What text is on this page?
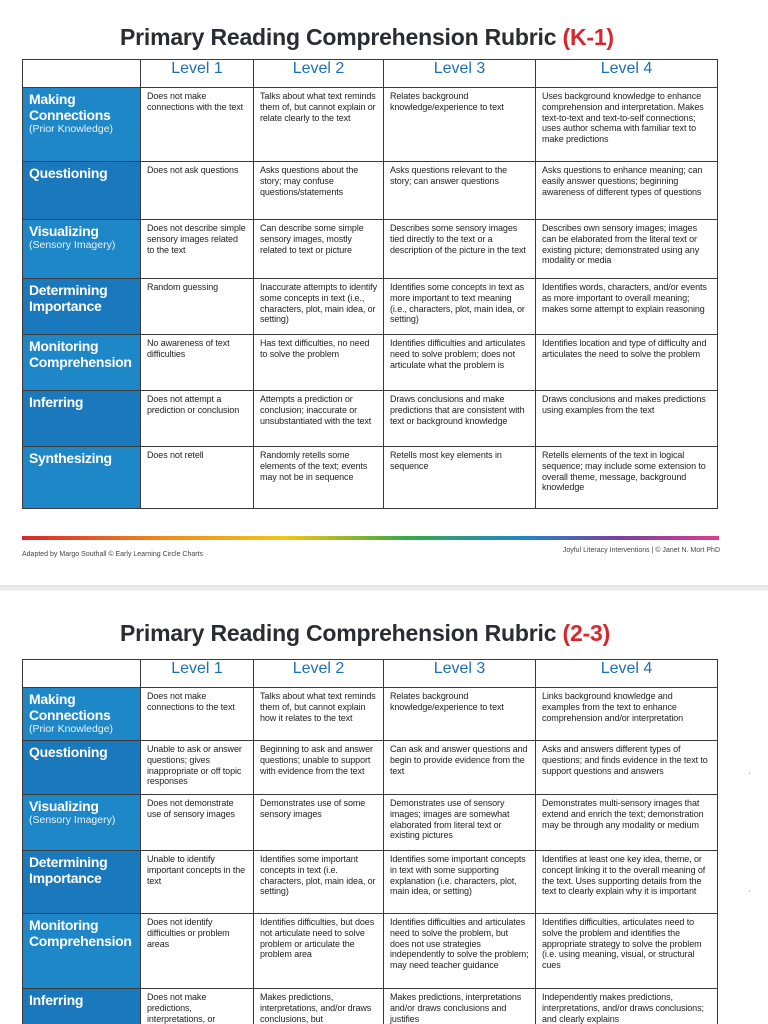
Primary Reading Comprehension Rubric (K-1)
	Level 1	Level 2	Level 3	Level 4

Making Connections
(Prior Knowledge)	Does not make connections with the text	Talks about what text reminds them of, but cannot explain or relate clearly to the text	Relates background knowledge/experience to text	Uses background knowledge to enhance comprehension and interpretation. Makes text-to-text and text-to-self connections; uses author schema with familiar text to make predictions

Questioning	Does not ask questions	Asks questions about the story; may confuse questions/statements	Asks questions relevant to the story; can answer questions	Asks questions to enhance meaning; can easily answer questions; beginning awareness of different types of questions

Visualizing
(Sensory Imagery)	Does not describe simple sensory images related to the text	Can describe some simple sensory images, mostly related to text or picture	Describes some sensory images tied directly to the text or a description of the picture in the text	Describes own sensory images; images can be elaborated from the literal text or existing picture; demonstrated using any modality or media

Determining Importance	Random guessing	Inaccurate attempts to identify some concepts in text (i.e., characters, plot, main idea, or setting)	Identifies some concepts in text as more important to text meaning (i.e., characters, plot, main idea, or setting)	Identifies words, characters, and/or events as more important to overall meaning; makes some attempt to explain reasoning

Monitoring Comprehension	No awareness of text difficulties	Has text difficulties, no need to solve the problem	Identifies difficulties and articulates need to solve problem; does not articulate what the problem is	Identifies location and type of difficulty and articulates the need to solve the problem

Inferring	Does not attempt a prediction or conclusion	Attempts a prediction or conclusion; inaccurate or unsubstantiated with the text	Draws conclusions and make predictions that are consistent with text or background knowledge	Draws conclusions and makes predictions using examples from the text

Synthesizing	Does not retell	Randomly retells some elements of the text; events may not be in sequence	Retells most key elements in sequence	Retells elements of the text in logical sequence; may include some extension to overall theme, message, background knowledge
Adapted by Margo Southall © Early Learning Circle Charts
Joyful Literacy Interventions | © Janet N. Mort PhD
Primary Reading Comprehension Rubric (2-3)
	Level 1	Level 2	Level 3	Level 4

Making Connections
(Prior Knowledge)	Does not make connections to the text	Talks about what text reminds them of, but cannot explain how it relates to the text	Relates background knowledge/experience to text	Links background knowledge and examples from the text to enhance comprehension and/or interpretation

Questioning	Unable to ask or answer questions; gives inappropriate or off topic responses	Beginning to ask and answer questions; unable to support with evidence from the text	Can ask and answer questions and begin to provide evidence from the text	Asks and answers different types of questions; and finds evidence in the text to support questions and answers

Visualizing
(Sensory Imagery)	Does not demonstrate use of sensory images	Demonstrates use of some sensory images	Demonstrates use of sensory images; images are somewhat elaborated from literal text or existing pictures	Demonstrates multi-sensory images that extend and enrich the text; demonstration may be through any modality or medium

Determining Importance	Unable to identify important concepts in the text	Identifies some important concepts in text (i.e. characters, plot, main idea, or setting)	Identifies some important concepts in text with some supporting explanation (i.e. characters, plot, main idea, or setting)	Identifies at least one key idea, theme, or concept linking it to the overall meaning of the text. Uses supporting details from the text to clearly explain why it is important

Monitoring Comprehension	Does not identify difficulties or problem areas	Identifies difficulties, but does not articulate need to solve problem or articulate the problem area	Identifies difficulties and articulates need to solve the problem, but does not use strategies independently to solve the problem; may need teacher guidance	Identifies difficulties, articulates need to solve the problem and identifies the appropriate strategy to solve the problem (i.e. using meaning, visual, or structural cues

Inferring	Does not make predictions, interpretations, or	Makes predictions, interpretations, and/or draws conclusions, but	Makes predictions, interpretations and/or draws conclusions and justifies	Independently makes predictions, interpretations, and/or draws conclusions; and clearly explains
ˈ
ˈ
